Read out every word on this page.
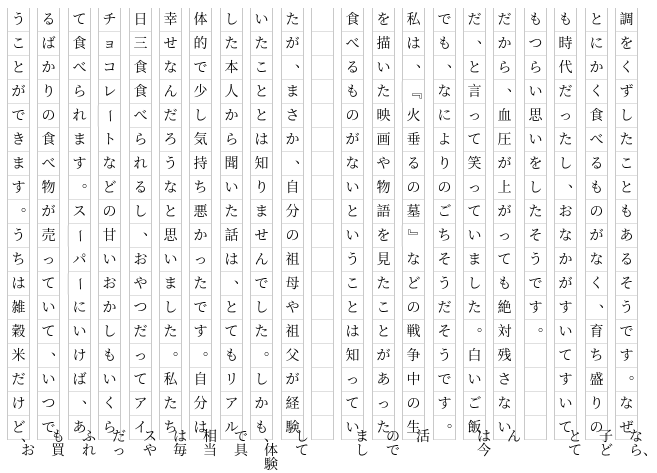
調
を
く
ず
し
た
こ
と
も
あ
る
そ
う
で
す
。
な
ぜ
なら、
と
に
か
く
食
べ
る
も
の
が
な
く
、
育
ち
盛
り
の
子ど
も
時
代
だ
っ
た
し
、
お
な
か
が
す
い
て
す
い
て
とて
も
つ
ら
い
思
い
を
し
た
そ
う
で
す
。
だ
か
ら
、
血
圧
が
上
が
っ
て
も
絶
対
残
さ
な
い
ん
だ
、
と
言
っ
て
笑
っ
て
い
ま
し
た
。
白
い
ご
飯
は今
で
も
、
な
に
よ
り
の
ご
ち
そ
う
だ
そ
う
で
す
。
私
は
、
『
火
垂
る
の
墓
』
な
ど
の
戦
争
中
の
生
活
を
描
い
た
映
画
や
物
語
を
見
た
こ
と
が
あ
っ
た
ので
食
べ
る
も
の
が
な
い
と
い
う
こ
と
は
知
っ
て
い
まし
た
が
、
ま
さ
か
、
自
分
の
祖
母
や
祖
父
が
経
験
して
い
た
こ
と
と
は
知
り
ま
せ
ん
で
し
た
。
し
か
も
、体験
し
た
本
人
か
ら
聞
い
た
話
は
、
と
て
も
リ
ア
ル
で具
体
的
で
少
し
気
持
ち
悪
か
っ
た
で
す
。
自
分
は
相当
幸
せ
な
ん
だ
ろ
う
な
と
思
い
ま
し
た
。
私
た
ち
は毎
日
三
食
食
べ
ら
れ
る
し
、
お
や
つ
だ
っ
て
ア
イ
スや
チ
ョ
コ
レ
ー
ト
な
ど
の
甘
い
お
か
し
も
い
く
ら
だっ
て
食
べ
ら
れ
ま
す
。
ス
ー
パ
ー
に
い
け
ば
、
あ
ふれ
る
ば
か
り
の
食
べ
物
が
売
っ
て
い
て
、
い
つ
で
も買
う
こ
と
が
で
き
ま
す
。
う
ち
は
雑
穀
米
だ
け
ど
、お
